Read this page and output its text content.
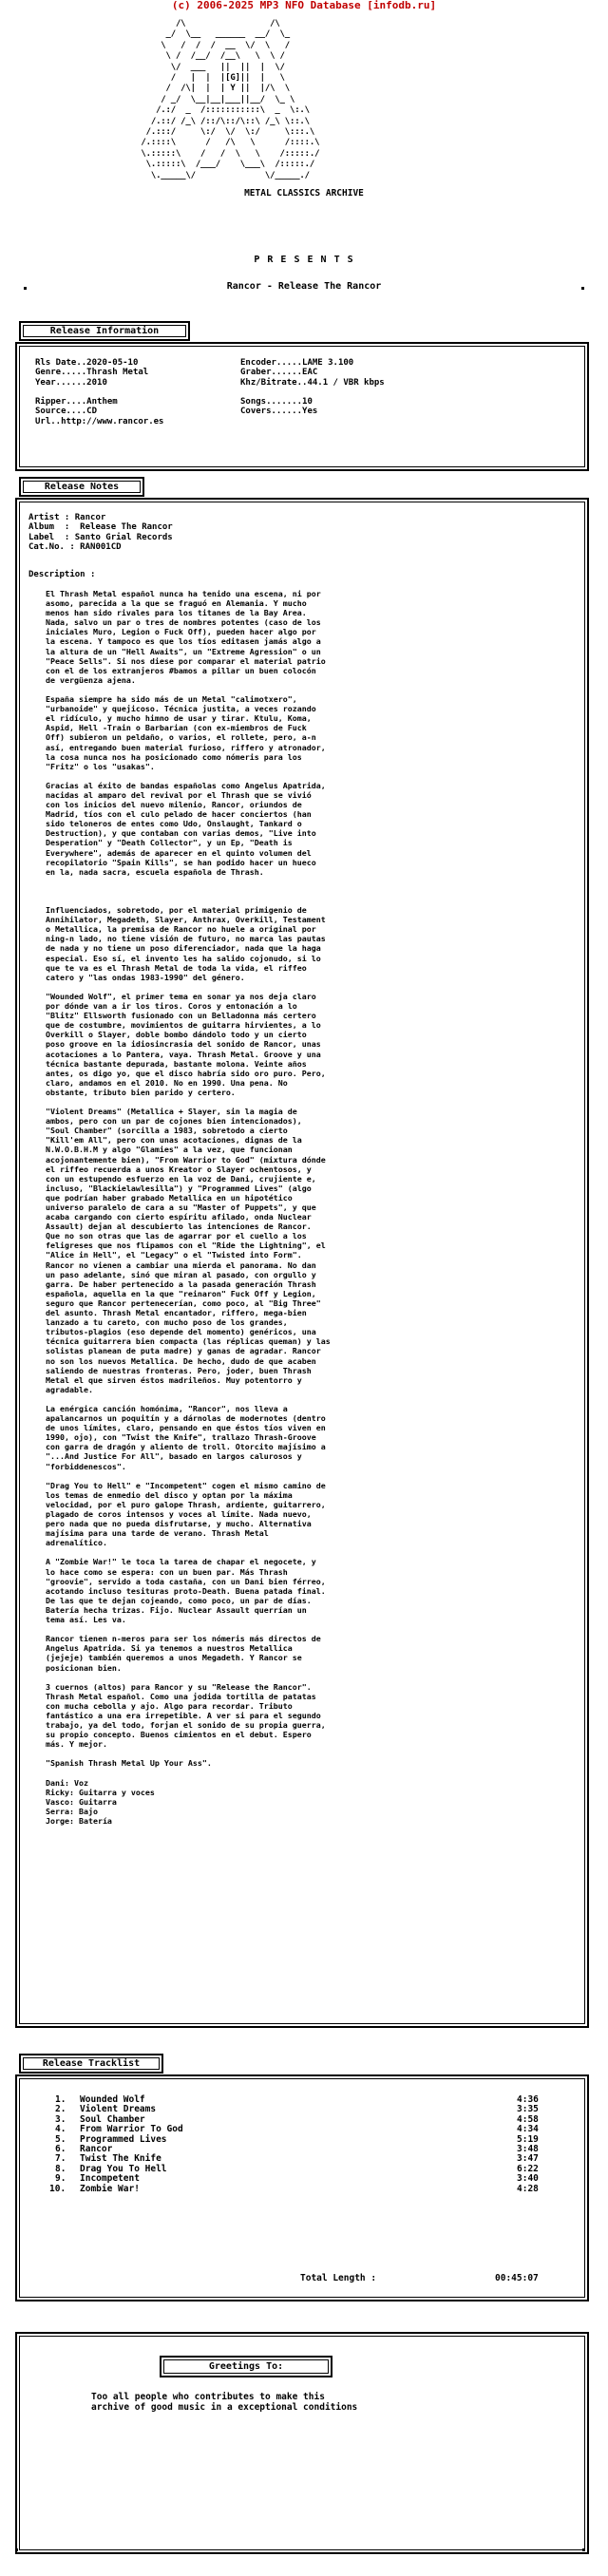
(c) 2006-2025 MP3 NFO Database [infodb.ru]
/\                 /\
_/  \__   ______  __/  \_
\   /  /  /  __  \/  \   /
\ /  /__/  /__\   \  \ /
\/  ___   ||  ||  |  \/
/   |  |  |[G]||  |   \
/  /\|  |  | Y ||  |/\  \
/ _/  \__|__|___||__/  \_ \
/.:/  _  /:::::::::::\  _  \:.\
/.::/ /_\ /::/\::/\::\ /_\ \::.\
/.:::/     \:/  \/  \:/     \:::.\
/.::::\      /   /\   \      /::::.\
\.:::::\    /   /  \   \    /:::::./
\.:::::\  /___/    \___\  /:::::./
\._____\/              \/_____./
METAL CLASSICS ARCHIVE
P R E S E N T S
Rancor - Release The Rancor
Release Information
Rls Date..2020-05-10
Genre.....Thrash Metal
Year......2010

Ripper....Anthem
Source....CD
Url..http://www.rancor.es
Encoder.....LAME 3.100
Graber......EAC
Khz/Bitrate..44.1 / VBR kbps

Songs.......10
Covers......Yes
Release Notes
Artist : Rancor
Album  :  Release The Rancor
Label  : Santo Grial Records
Cat.No. : RAN001CD
Description :
El Thrash Metal español nunca ha tenido una escena, ni por
asomo, parecida a la que se fraguó en Alemania. Y mucho
menos han sido rivales para los titanes de la Bay Area.
Nada, salvo un par o tres de nombres potentes (caso de los
iniciales Muro, Legion o Fuck Off), pueden hacer algo por
la escena. Y tampoco es que los tíos editasen jamás algo a
la altura de un "Hell Awaits", un "Extreme Agression" o un
"Peace Sells". Si nos diese por comparar el material patrio
con el de los extranjeros #bamos a pillar un buen colocón
de vergüenza ajena.

España siempre ha sido más de un Metal "calimotxero",
"urbanoide" y quejicoso. Técnica justita, a veces rozando
el ridículo, y mucho himno de usar y tirar. Ktulu, Koma,
Aspid, Hell -Train o Barbarian (con ex-miembros de Fuck
Off) subieron un peldaño, o varios, el rollete, pero, a-n
así, entregando buen material furioso, riffero y atronador,
la cosa nunca nos ha posicionado como nómeris para los
"Fritz" o los "usakas".

Gracias al éxito de bandas españolas como Angelus Apatrida,
nacidas al amparo del revival por el Thrash que se vivió
con los inicios del nuevo milenio, Rancor, oriundos de
Madrid, tíos con el culo pelado de hacer conciertos (han
sido teloneros de entes como Udo, Onslaught, Tankard o
Destruction), y que contaban con varias demos, "Live into
Desperation" y "Death Collector", y un Ep, "Death is
Everywhere", además de aparecer en el quinto volumen del
recopilatorio "Spain Kills", se han podido hacer un hueco
en la, nada sacra, escuela española de Thrash.

Influenciados, sobretodo, por el material primigenio de
Annihilator, Megadeth, Slayer, Anthrax, Overkill, Testament
o Metallica, la premisa de Rancor no huele a original por
ning-n lado, no tiene visión de futuro, no marca las pautas
de nada y no tiene un poso diferenciador, nada que la haga
especial. Eso sí, el invento les ha salido cojonudo, si lo
que te va es el Thrash Metal de toda la vida, el riffeo
catero y "las ondas 1983-1990" del género.

"Wounded Wolf", el primer tema en sonar ya nos deja claro
por dónde van a ir los tiros. Coros y entonación a lo
"Blitz" Ellsworth fusionado con un Belladonna más certero
que de costumbre, movimientos de guitarra hirvientes, a lo
Overkill o Slayer, doble bombo dándolo todo y un cierto
poso groove en la idiosincrasia del sonido de Rancor, unas
acotaciones a lo Pantera, vaya. Thrash Metal. Groove y una
técnica bastante depurada, bastante molona. Veinte años
antes, os digo yo, que el disco habría sido oro puro. Pero,
claro, andamos en el 2010. No en 1990. Una pena. No
obstante, tributo bien parido y certero.

"Violent Dreams" (Metallica + Slayer, sin la magia de
ambos, pero con un par de cojones bien intencionados),
"Soul Chamber" (sorcilla a 1983, sobretodo a cierto
"Kill'em All", pero con unas acotaciones, dignas de la
N.W.O.B.H.M y algo "Glamies" a la vez, que funcionan
acojonantemente bien), "From Warrior to God" (mixtura dónde
el riffeo recuerda a unos Kreator o Slayer ochentosos, y
con un estupendo esfuerzo en la voz de Dani, crujiente e,
incluso, "Blackielawlesilla") y "Programmed Lives" (algo
que podrían haber grabado Metallica en un hipotético
universo paralelo de cara a su "Master of Puppets", y que
acaba cargando con cierto espíritu afilado, onda Nuclear
Assault) dejan al descubierto las intenciones de Rancor.
Que no son otras que las de agarrar por el cuello a los
feligreses que nos flipamos con el "Ride the Lightning", el
"Alice in Hell", el "Legacy" o el "Twisted into Form".
Rancor no vienen a cambiar una mierda el panorama. No dan
un paso adelante, sinó que miran al pasado, con orgullo y
garra. De haber pertenecido a la pasada generación Thrash
española, aquella en la que "reinaron" Fuck Off y Legion,
seguro que Rancor pertenecerían, como poco, al "Big Three"
del asunto. Thrash Metal encantador, riffero, mega-bien
lanzado a tu careto, con mucho poso de los grandes,
tributos-plagios (eso depende del momento) genéricos, una
técnica guitarrera bien compacta (las réplicas queman) y las
solistas planean de puta madre) y ganas de agradar. Rancor
no son los nuevos Metallica. De hecho, dudo de que acaben
saliendo de nuestras fronteras. Pero, joder, buen Thrash
Metal el que sirven éstos madrileños. Muy potentorro y
agradable.

La enérgica canción homónima, "Rancor", nos lleva a
apalancarnos un poquitín y a dárnolas de modernotes (dentro
de unos límites, claro, pensando en que éstos tíos viven en
1990, ojo), con "Twist the Knife", trallazo Thrash-Groove
con garra de dragón y aliento de troll. Otorcito majísimo a
"...And Justice For All", basado en largos calurosos y
"forbiddenescos".

"Drag You to Hell" e "Incompetent" cogen el mismo camino de
los temas de enmedio del disco y optan por la máxima
velocidad, por el puro galope Thrash, ardiente, guitarrero,
plagado de coros intensos y voces al límite. Nada nuevo,
pero nada que no pueda disfrutarse, y mucho. Alternativa
majísima para una tarde de verano. Thrash Metal
adrenalítico.

A "Zombie War!" le toca la tarea de chapar el negocete, y
lo hace como se espera: con un buen par. Más Thrash
"groovie", servido a toda castaña, con un Dani bien férreo,
acotando incluso tesituras proto-Death. Buena patada final.
De las que te dejan cojeando, como poco, un par de días.
Batería hecha trizas. Fijo. Nuclear Assault querrían un
tema así. Les va.

Rancor tienen n-meros para ser los nómeris más directos de
Angelus Apatrida. Si ya tenemos a nuestros Metallica
(jejeje) también queremos a unos Megadeth. Y Rancor se
posicionan bien.

3 cuernos (altos) para Rancor y su "Release the Rancor".
Thrash Metal español. Como una jodida tortilla de patatas
con mucha cebolla y ajo. Algo para recordar. Tributo
fantástico a una era irrepetible. A ver si para el segundo
trabajo, ya del todo, forjan el sonido de su propia guerra,
su propio concepto. Buenos cimientos en el debut. Espero
más. Y mejor.

"Spanish Thrash Metal Up Your Ass".

Dani: Voz
Ricky: Guitarra y voces
Vasco: Guitarra
Serra: Bajo
Jorge: Batería
Release Tracklist
1. Wounded Wolf	4:36
2. Violent Dreams	3:35
3. Soul Chamber	4:58
4. From Warrior To God	4:34
5. Programmed Lives	5:19
6. Rancor	3:48
7. Twist The Knife	3:47
8. Drag You To Hell	6:22
9. Incompetent	3:40
10. Zombie War!	4:28
Total Length :	00:45:07
Greetings To:
Too all people who contributes to make this
archive of good music in a exceptional conditions
